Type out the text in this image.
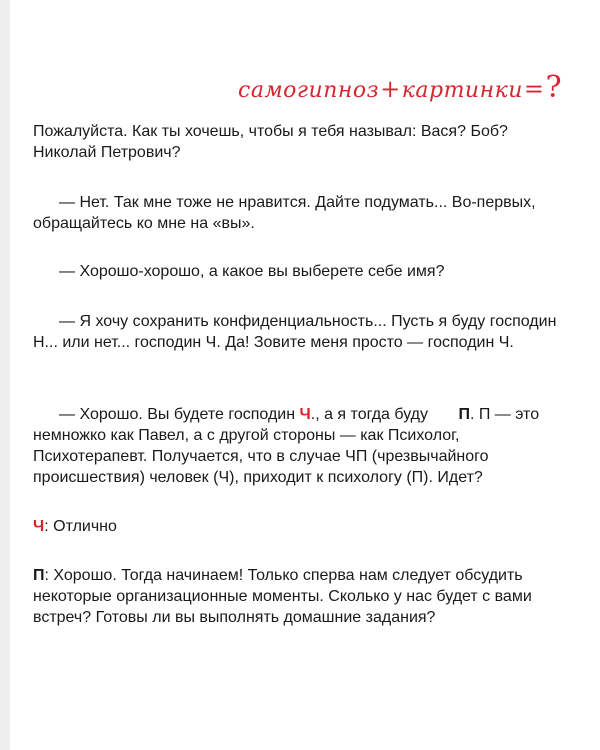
самогипноз+картинки=?

Пожалуйста. Как ты хочешь, чтобы я тебя называл: Вася? Боб? Николай Петрович?

— Нет. Так мне тоже не нравится. Дайте подумать... Во-первых, обращайтесь ко мне на «вы».

— Хорошо-хорошо, а какое вы выберете себе имя?

— Я хочу сохранить конфиденциальность... Пусть я буду господин Н... или нет... господин Ч. Да! Зовите меня просто — господин Ч.

— Хорошо. Вы будете господин Ч., а я тогда буду П. П — это немножко как Павел, а с другой стороны — как Психолог, Психотерапевт. Получается, что в случае ЧП (чрезвычайного происшествия) человек (Ч), приходит к психологу (П). Идет?

Ч: Отлично

П: Хорошо. Тогда начинаем! Только сперва нам следует обсудить некоторые организационные моменты. Сколько у нас будет с вами встреч? Готовы ли вы выполнять домашние задания?
